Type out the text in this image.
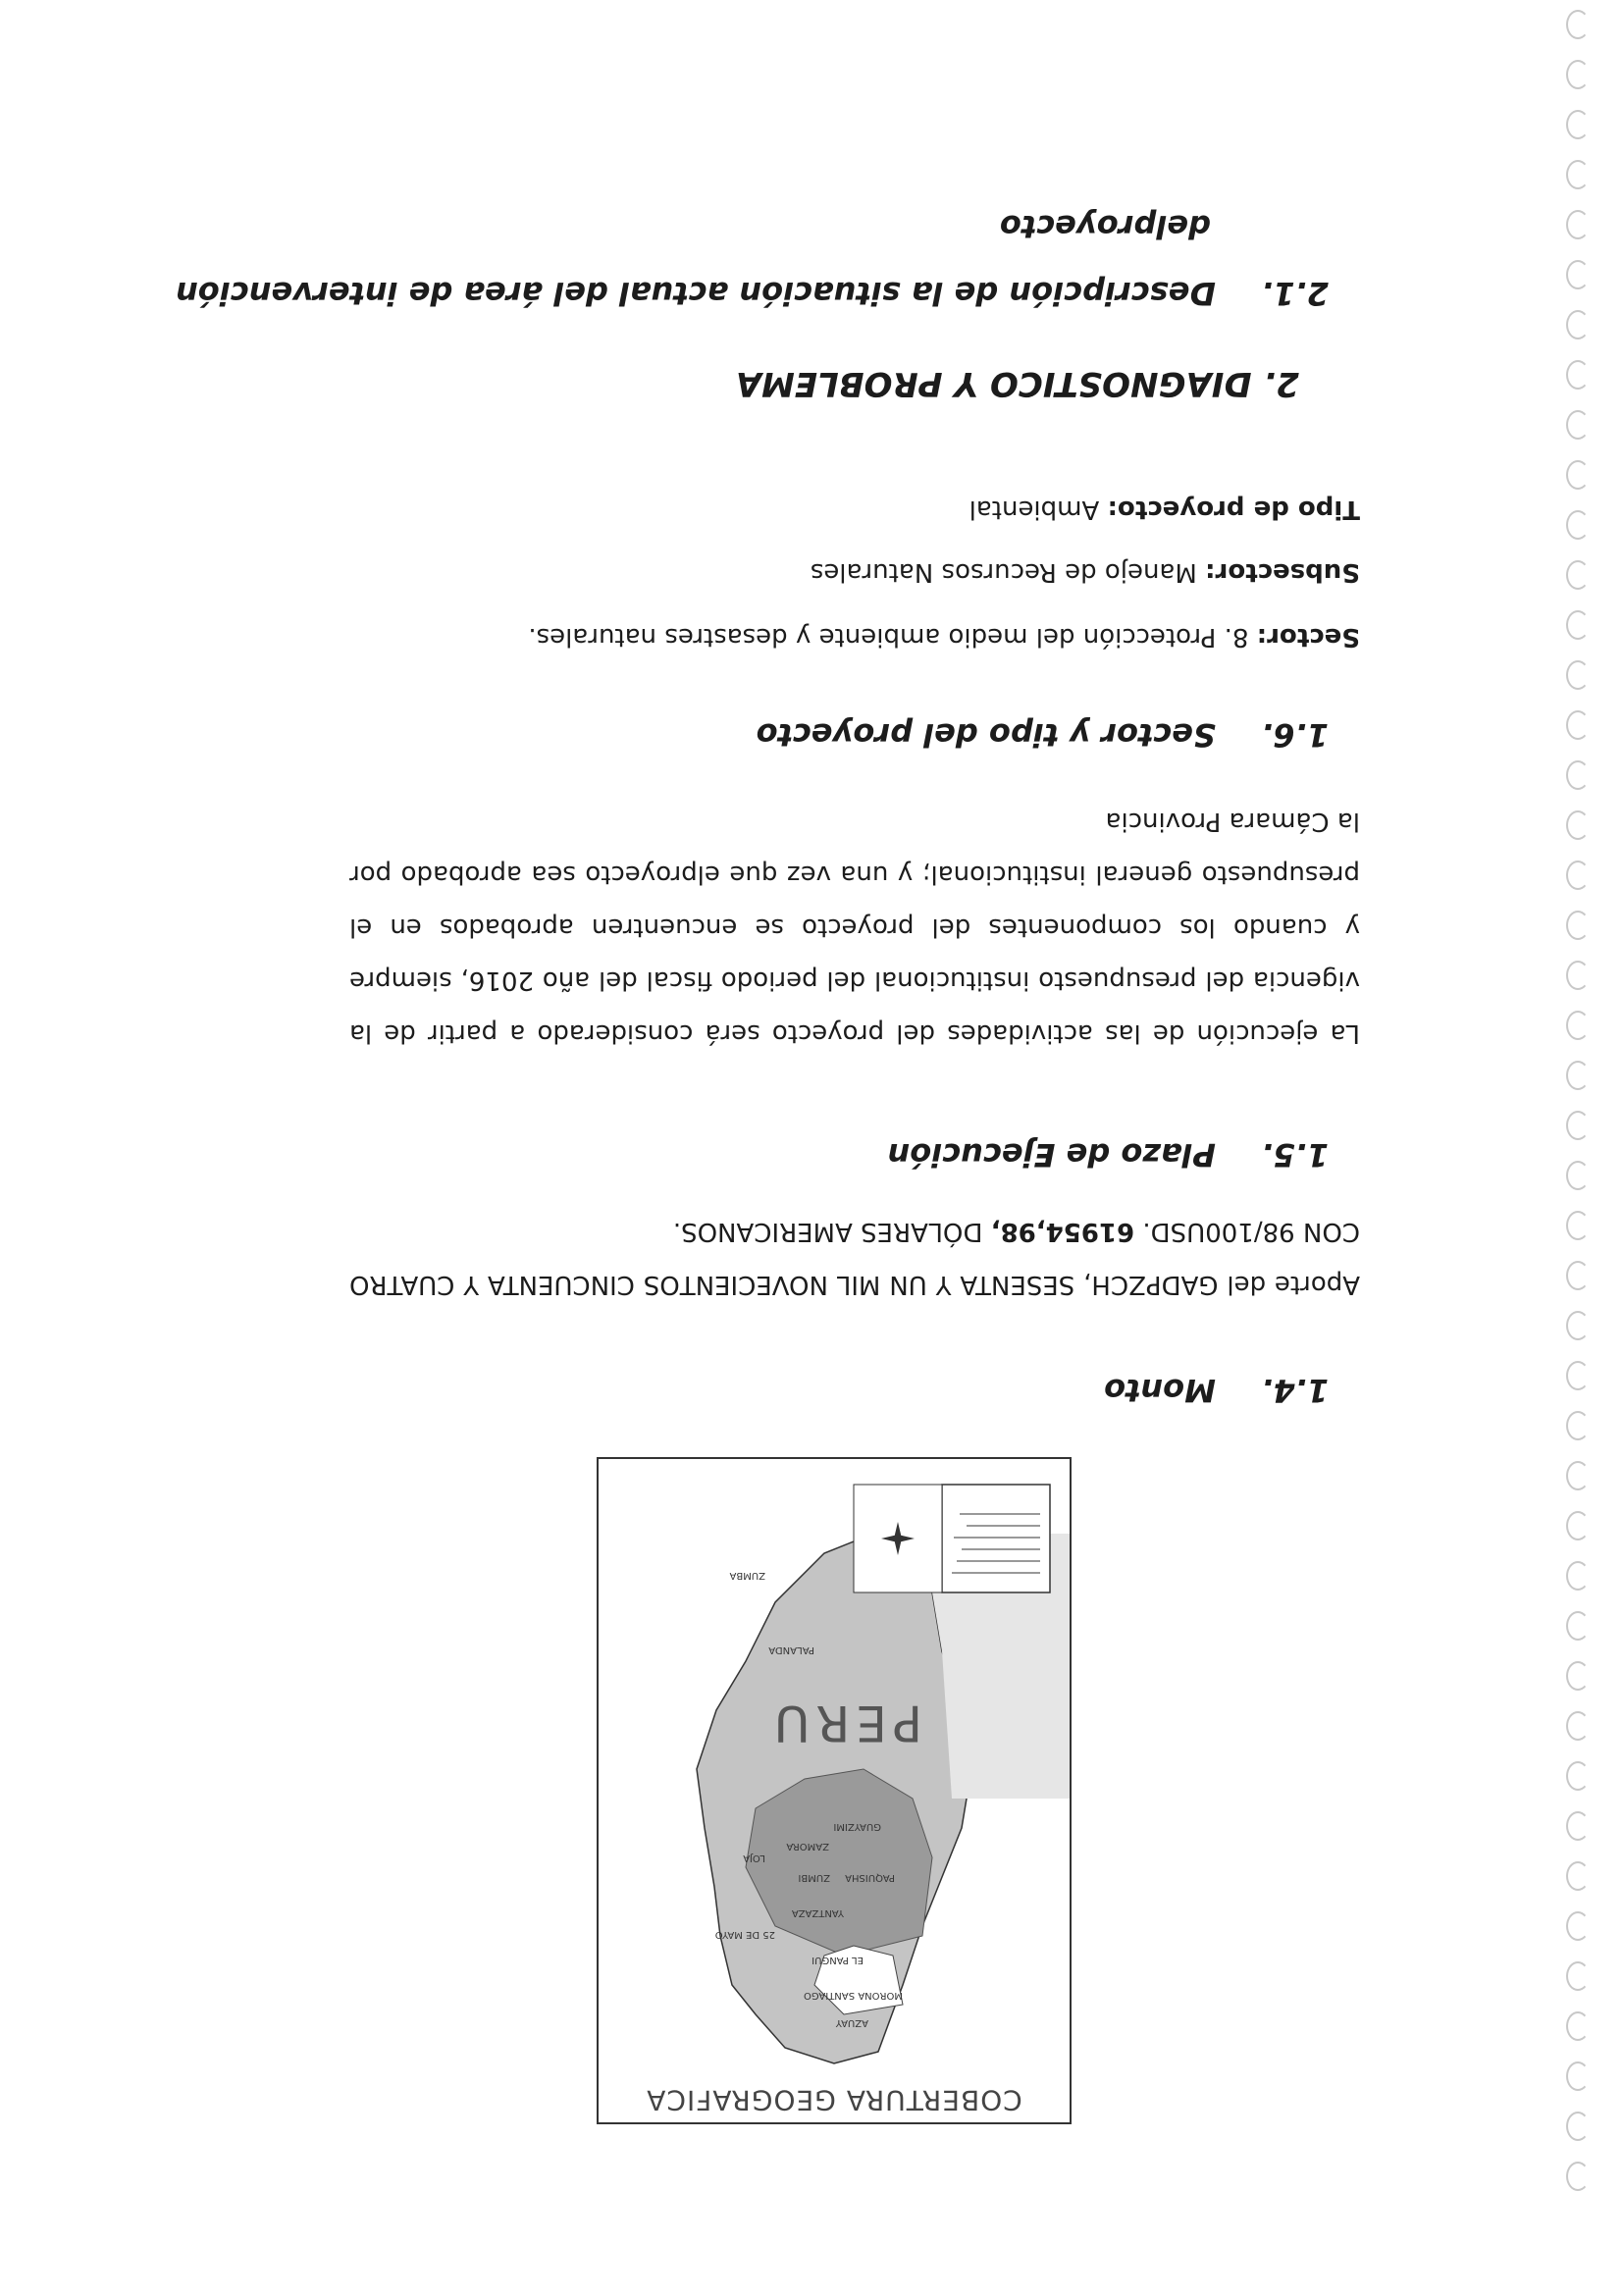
2.1.Descripción de la situación actual del área de intervención
delproyecto
2. DIAGNOSTICO Y PROBLEMA
Tipo de proyecto: Ambiental
Subsector: Manejo de Recursos Naturales
Sector: 8. Protección del medio ambiente y desastres naturales.
1.6.Sector y tipo del proyecto
La ejecución de las actividades del proyecto será considerado a partir de la vigencia del presupuesto institucional del periodo fiscal del año 2016, siempre y cuando los componentes del proyecto se encuentren aprobados en el presupuesto general institucional; y una vez que elproyecto sea aprobado por la Cámara Provincia
1.5.Plazo de Ejecución
Aporte del GADPZCH, SESENTA Y UN MIL NOVECIENTOS CINCUENTA Y CUATRO CON 98/100USD. 61954,98, DÓLARES AMERICANOS.
1.4.Monto
COBERTURA GEOGRAFICA
PERU
AZUAY
MORONA SANTIAGO
EL PANGUI
25 DE MAYO
YANTZAZA
PAQUISHA
ZUMBI
GUAYZIMI
ZAMORA
LOJA
PALANDA
ZUMBA
